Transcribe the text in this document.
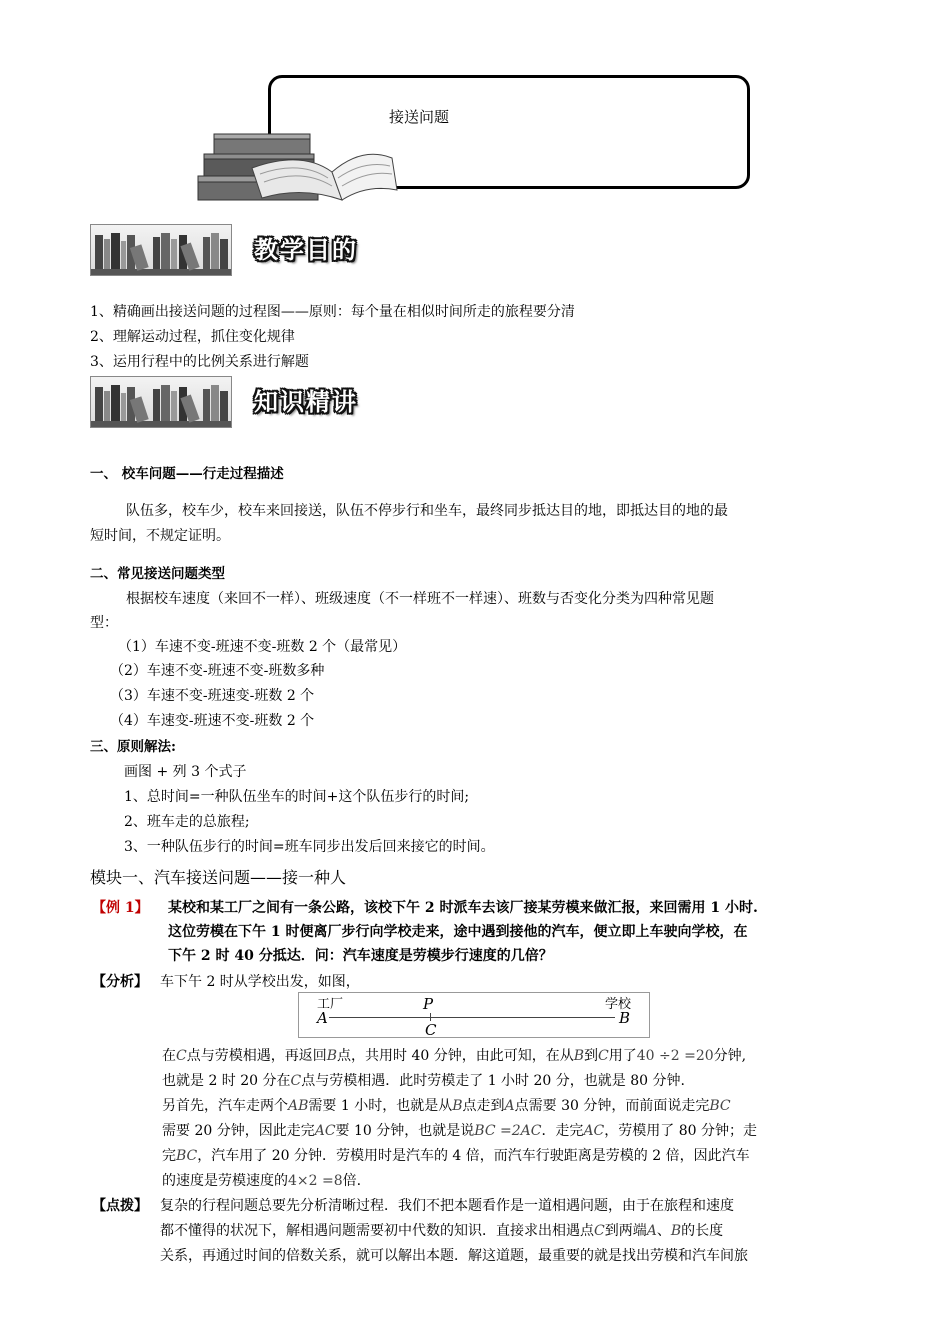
接送问题
教学目的
1、精确画出接送问题的过程图——原则：每个量在相似时间所走的旅程要分清
2、理解运动过程，抓住变化规律
3、运用行程中的比例关系进行解题
知识精讲
一、 校车问题——行走过程描述
队伍多，校车少，校车来回接送，队伍不停步行和坐车，最终同步抵达目的地，即抵达目的地的最
短时间，不规定证明。
二、常见接送问题类型
根据校车速度（来回不一样）、班级速度（不一样班不一样速）、班数与否变化分类为四种常见题
型：
（1）车速不变-班速不变-班数 2 个（最常见）
（2）车速不变-班速不变-班数多种
（3）车速不变-班速变-班数 2 个
（4）车速变-班速不变-班数 2 个
三、原则解法:
画图 + 列 3 个式子
1、总时间=一种队伍坐车的时间+这个队伍步行的时间;
2、班车走的总旅程;
3、一种队伍步行的时间=班车同步出发后回来接它的时间。
模块一、汽车接送问题——接一种人
【例 1】 某校和某工厂之间有一条公路，该校下午 2 时派车去该厂接某劳模来做汇报，来回需用 1 小时.
这位劳模在下午 1 时便离厂步行向学校走来，途中遇到接他的汽车，便立即上车驶向学校，在
下午 2 时 40 分抵达．问：汽车速度是劳模步行速度的几倍？
【分析】 车下午 2 时从学校出发，如图，
工厂	学校
P
A	B
C
在C点与劳模相遇，再返回B点，共用时 40 分钟，由此可知，在从B到C用了40 ÷2 =20分钟,
也就是 2 时 20 分在C点与劳模相遇．此时劳模走了 1 小时 20 分，也就是 80 分钟.
另首先，汽车走两个AB需要 1 小时，也就是从B点走到A点需要 30 分钟，而前面说走完BC
需要 20 分钟，因此走完AC要 10 分钟，也就是说BC =2AC．走完AC，劳模用了 80 分钟；走
完BC，汽车用了 20 分钟．劳模用时是汽车的 4 倍，而汽车行驶距离是劳模的 2 倍，因此汽车
的速度是劳模速度的4×2 =8倍.
【点拨】 复杂的行程问题总要先分析清晰过程．我们不把本题看作是一道相遇问题，由于在旅程和速度
都不懂得的状况下，解相遇问题需要初中代数的知识．直接求出相遇点C到两端A、B的长度
关系，再通过时间的倍数关系，就可以解出本题．解这道题，最重要的就是找出劳模和汽车间旅
